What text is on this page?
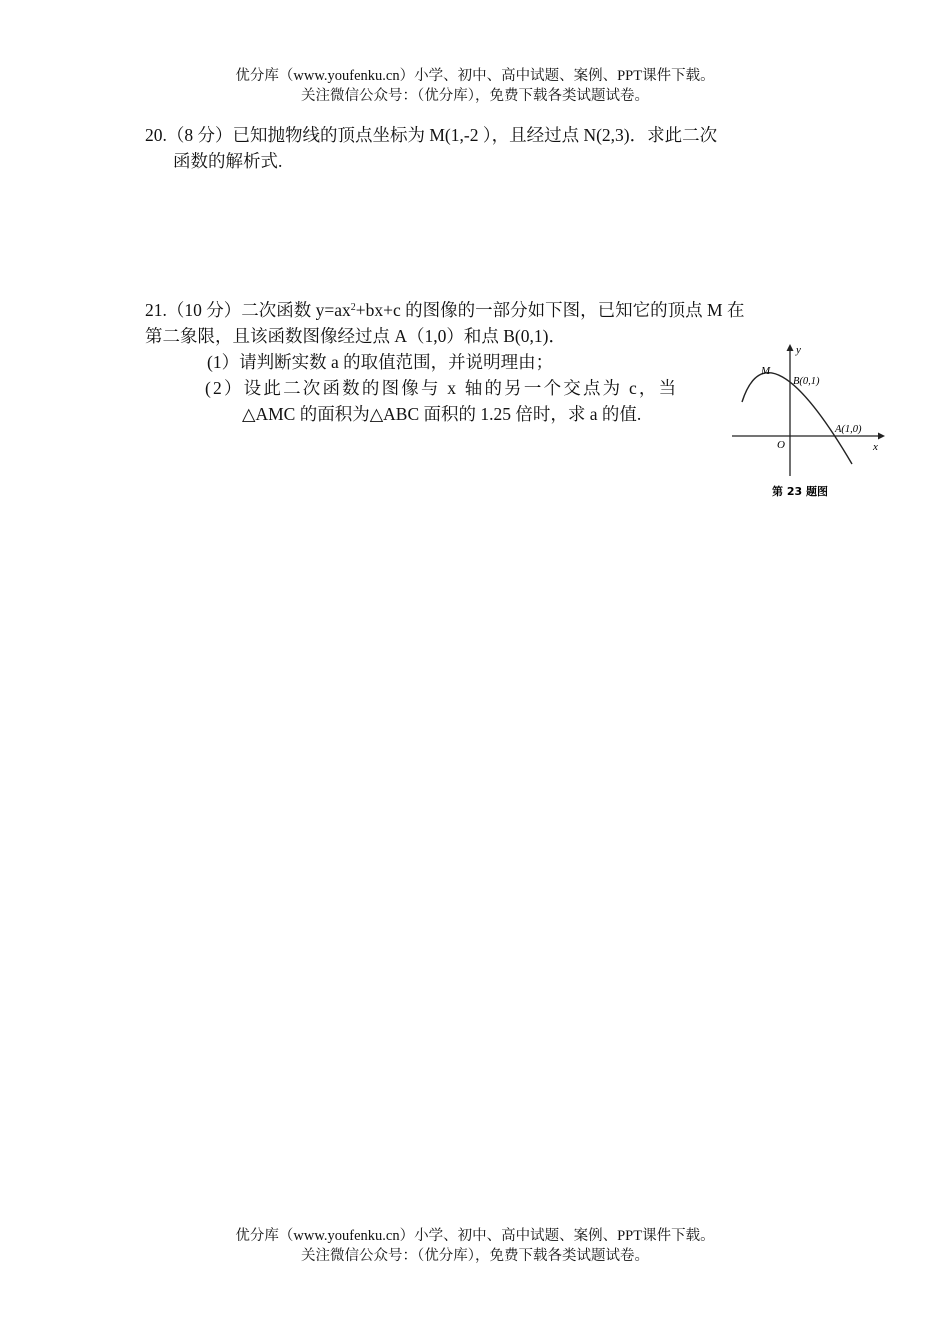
优分库（www.youfenku.cn）小学、初中、高中试题、案例、PPT课件下载。
关注微信公众号：（优分库），免费下载各类试题试卷。
20.（8 分）已知抛物线的顶点坐标为 M(1,-2 ），且经过点 N(2,3)．求此二次
函数的解析式.
21.（10 分）二次函数 $y=ax^2+bx+c$ 的图像的一部分如下图，已知它的顶点 M 在
第二象限，且该函数图像经过点 A（1,0）和点 B(0,1)．
(1）请判断实数 a 的取值范围，并说明理由；
(2）设此二次函数的图像与 x 轴的另一个交点为 c，当
△AMC 的面积为△ABC 面积的 1.25 倍时，求 a 的值.
y
x
O
M
B(0,1)
A(1,0)
第 23 题图
优分库（www.youfenku.cn）小学、初中、高中试题、案例、PPT课件下载。
关注微信公众号：（优分库），免费下载各类试题试卷。
